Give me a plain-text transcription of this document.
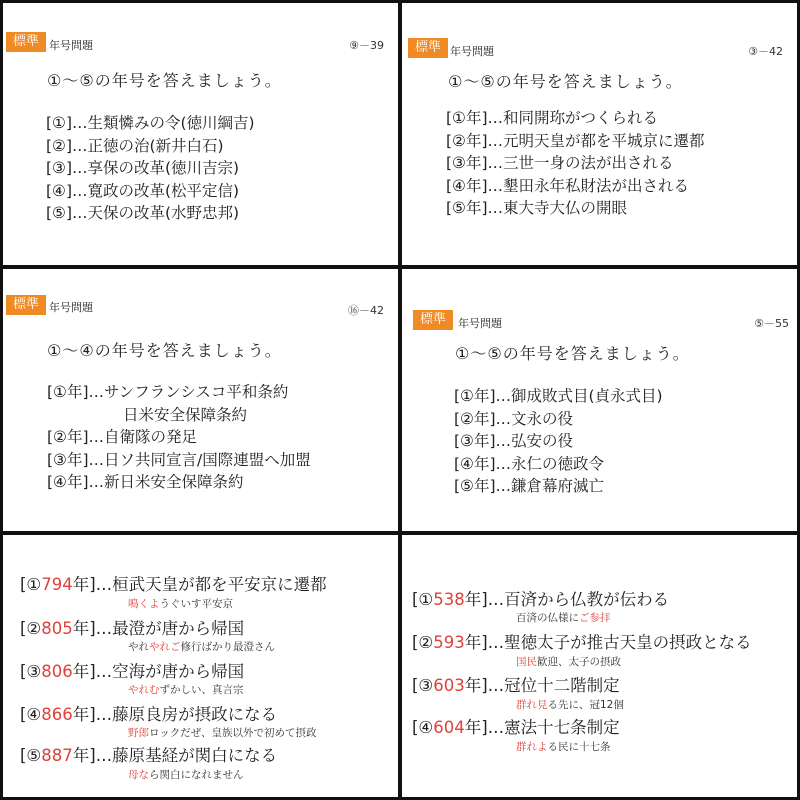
標準 年号問題	⑨－39
①～⑤の年号を答えましょう。
[①]…生類憐みの令(徳川綱吉)
[②]…正徳の治(新井白石)
[③]…享保の改革(徳川吉宗)
[④]…寛政の改革(松平定信)
[⑤]…天保の改革(水野忠邦)
標準 年号問題	③－42
①～⑤の年号を答えましょう。
[①年]…和同開珎がつくられる
[②年]…元明天皇が都を平城京に遷都
[③年]…三世一身の法が出される
[④年]…墾田永年私財法が出される
[⑤年]…東大寺大仏の開眼
標準 年号問題	⑯－42
①～④の年号を答えましょう。
[①年]…サンフランシスコ平和条約
日米安全保障条約
[②年]…自衛隊の発足
[③年]…日ソ共同宣言/国際連盟へ加盟
[④年]…新日米安全保障条約
標準	年号問題	⑤－55
①～⑤の年号を答えましょう。
[①年]…御成敗式目(貞永式目)
[②年]…文永の役
[③年]…弘安の役
[④年]…永仁の徳政令
[⑤年]…鎌倉幕府滅亡
[①794年]…桓武天皇が都を平安京に遷都
鳴くようぐいす平安京
[②805年]…最澄が唐から帰国
やれやれご修行ばかり最澄さん
[③806年]…空海が唐から帰国
やれむずかしい、真言宗
[④866年]…藤原良房が摂政になる
野郎ロックだぜ、皇族以外で初めて摂政
[⑤887年]…藤原基経が関白になる
母なら関白になれません
[①538年]…百済から仏教が伝わる
百済の仏様にご参拝
[②593年]…聖徳太子が推古天皇の摂政となる
国民歓迎、太子の摂政
[③603年]…冠位十二階制定
群れ見る先に、冠12個
[④604年]…憲法十七条制定
群れよる民に十七条
